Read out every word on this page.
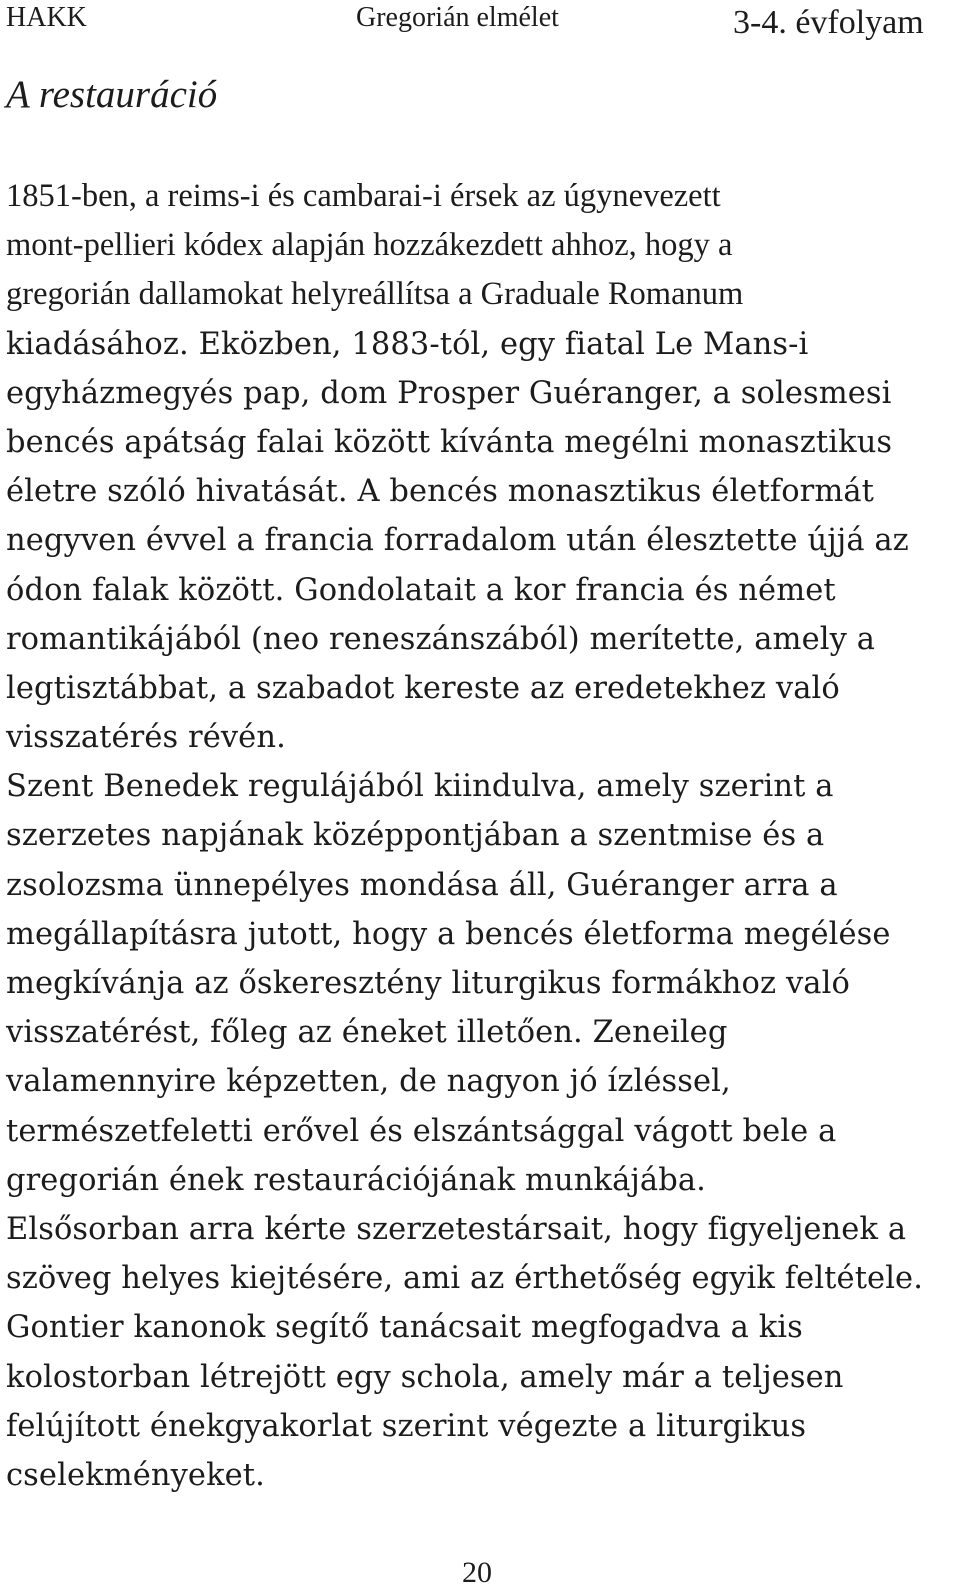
HAKK	Gregorián elmélet	3-4. évfolyam
A restauráció
1851-ben, a reims-i és cambarai-i érsek az úgynevezett
mont-pellieri kódex alapján hozzákezdett ahhoz, hogy a
gregorián dallamokat helyreállítsa a Graduale Romanum
kiadásához. Eközben, 1883-tól, egy fiatal Le Mans-i
egyházmegyés pap, dom Prosper Guéranger, a solesmesi
bencés apátság falai között kívánta megélni monasztikus
életre szóló hivatását. A bencés monasztikus életformát
negyven évvel a francia forradalom után élesztette újjá az
ódon falak között. Gondolatait a kor francia és német
romantikájából (neo reneszánszából) merítette, amely a
legtisztábbat, a szabadot kereste az eredetekhez való
visszatérés révén.
Szent Benedek regulájából kiindulva, amely szerint a
szerzetes napjának középpontjában a szentmise és a
zsolozsma ünnepélyes mondása áll, Guéranger arra a
megállapításra jutott, hogy a bencés életforma megélése
megkívánja az őskeresztény liturgikus formákhoz való
visszatérést, főleg az éneket illetően. Zeneileg
valamennyire képzetten, de nagyon jó ízléssel,
természetfeletti erővel és elszántsággal vágott bele a
gregorián ének restaurációjának munkájába.
Elsősorban arra kérte szerzetestársait, hogy figyeljenek a
szöveg helyes kiejtésére, ami az érthetőség egyik feltétele.
Gontier kanonok segítő tanácsait megfogadva a kis
kolostorban létrejött egy schola, amely már a teljesen
felújított énekgyakorlat szerint végezte a liturgikus
cselekményeket.
20
